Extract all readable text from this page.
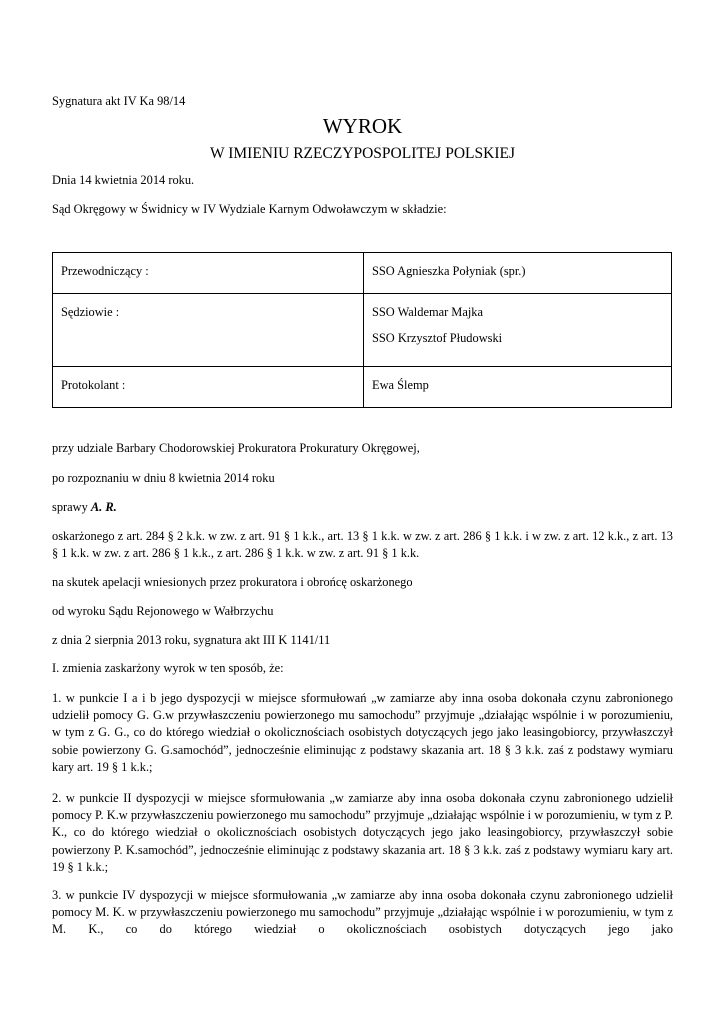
Sygnatura akt IV Ka 98/14
WYROK
W IMIENIU RZECZYPOSPOLITEJ POLSKIEJ
Dnia 14 kwietnia 2014 roku.
Sąd Okręgowy w Świdnicy w IV Wydziale Karnym Odwoławczym w składzie:
Przewodniczący :	SSO Agnieszka Połyniak (spr.)
Sędziowie :	SSO Waldemar Majka
SSO Krzysztof Płudowski

Protokolant :	Ewa Ślemp
przy udziale Barbary Chodorowskiej Prokuratora Prokuratury Okręgowej,
po rozpoznaniu w dniu 8 kwietnia 2014 roku
sprawy A. R.
oskarżonego z art. 284 § 2 k.k. w zw. z art. 91 § 1 k.k., art. 13 § 1 k.k. w zw. z art. 286 § 1 k.k. i w zw. z art. 12 k.k., z art. 13 § 1 k.k. w zw. z art. 286 § 1 k.k., z art. 286 § 1 k.k. w zw. z art. 91 § 1 k.k.
na skutek apelacji wniesionych przez prokuratora i obrońcę oskarżonego
od wyroku Sądu Rejonowego w Wałbrzychu
z dnia 2 sierpnia 2013 roku, sygnatura akt III K 1141/11
I. zmienia zaskarżony wyrok w ten sposób, że:
1. w punkcie I a i b jego dyspozycji w miejsce sformułowań „w zamiarze aby inna osoba dokonała czynu zabronionego udzielił pomocy G. G.w przywłaszczeniu powierzonego mu samochodu” przyjmuje „działając wspólnie i w porozumieniu, w tym z G. G., co do którego wiedział o okolicznościach osobistych dotyczących jego jako leasingobiorcy, przywłaszczył sobie powierzony G. G.samochód”, jednocześnie eliminując z podstawy skazania art. 18 § 3 k.k. zaś z podstawy wymiaru kary art. 19 § 1 k.k.;
2. w punkcie II dyspozycji w miejsce sformułowania „w zamiarze aby inna osoba dokonała czynu zabronionego udzielił pomocy P. K.w przywłaszczeniu powierzonego mu samochodu” przyjmuje „działając wspólnie i w porozumieniu, w tym z P. K., co do którego wiedział o okolicznościach osobistych dotyczących jego jako leasingobiorcy, przywłaszczył sobie powierzony P. K.samochód”, jednocześnie eliminując z podstawy skazania art. 18 § 3 k.k. zaś z podstawy wymiaru kary art. 19 § 1 k.k.;
3. w punkcie IV dyspozycji w miejsce sformułowania „w zamiarze aby inna osoba dokonała czynu zabronionego udzielił pomocy M. K. w przywłaszczeniu powierzonego mu samochodu” przyjmuje „działając wspólnie i w porozumieniu, w tym z M. K., co do którego wiedział o okolicznościach osobistych dotyczących jego jako
